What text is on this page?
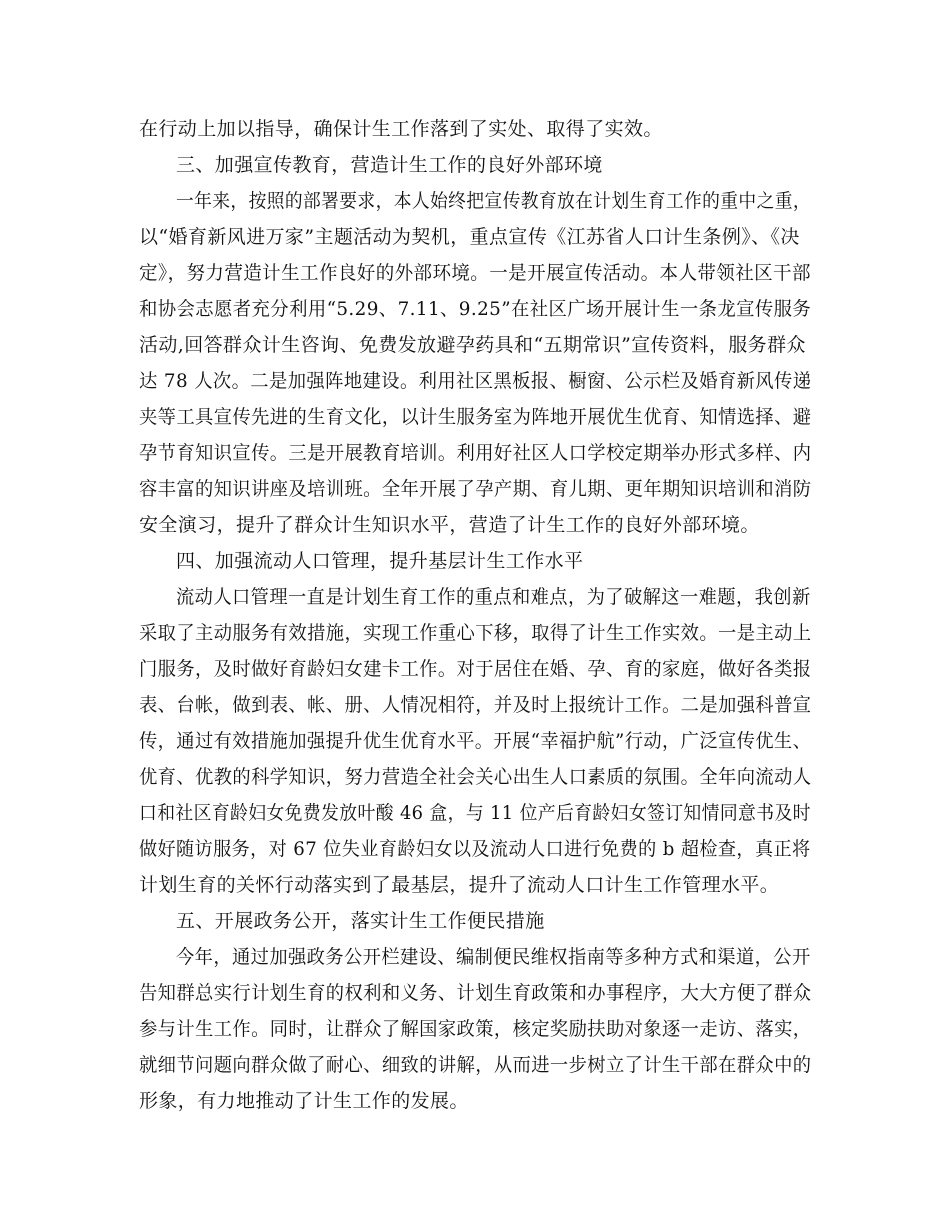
在行动上加以指导，确保计生工作落到了实处、取得了实效。
三、加强宣传教育，营造计生工作的良好外部环境
一年来，按照的部署要求，本人始终把宣传教育放在计划生育工作的重中之重，
以“婚育新风进万家”主题活动为契机，重点宣传《江苏省人口计生条例》、《决
定》，努力营造计生工作良好的外部环境。一是开展宣传活动。本人带领社区干部
和协会志愿者充分利用“5.29、7.11、9.25”在社区广场开展计生一条龙宣传服务
活动,回答群众计生咨询、免费发放避孕药具和“五期常识”宣传资料，服务群众
达 78 人次。二是加强阵地建设。利用社区黑板报、橱窗、公示栏及婚育新风传递
夹等工具宣传先进的生育文化，以计生服务室为阵地开展优生优育、知情选择、避
孕节育知识宣传。三是开展教育培训。利用好社区人口学校定期举办形式多样、内
容丰富的知识讲座及培训班。全年开展了孕产期、育儿期、更年期知识培训和消防
安全演习，提升了群众计生知识水平，营造了计生工作的良好外部环境。
四、加强流动人口管理，提升基层计生工作水平
流动人口管理一直是计划生育工作的重点和难点，为了破解这一难题，我创新
采取了主动服务有效措施，实现工作重心下移，取得了计生工作实效。一是主动上
门服务，及时做好育龄妇女建卡工作。对于居住在婚、孕、育的家庭，做好各类报
表、台帐，做到表、帐、册、人情况相符，并及时上报统计工作。二是加强科普宣
传，通过有效措施加强提升优生优育水平。开展“幸福护航”行动，广泛宣传优生、
优育、优教的科学知识，努力营造全社会关心出生人口素质的氛围。全年向流动人
口和社区育龄妇女免费发放叶酸 46 盒，与 11 位产后育龄妇女签订知情同意书及时
做好随访服务，对 67 位失业育龄妇女以及流动人口进行免费的 b 超检查，真正将
计划生育的关怀行动落实到了最基层，提升了流动人口计生工作管理水平。
五、开展政务公开，落实计生工作便民措施
今年，通过加强政务公开栏建设、编制便民维权指南等多种方式和渠道，公开
告知群总实行计划生育的权利和义务、计划生育政策和办事程序，大大方便了群众
参与计生工作。同时，让群众了解国家政策，核定奖励扶助对象逐一走访、落实，
就细节问题向群众做了耐心、细致的讲解，从而进一步树立了计生干部在群众中的
形象，有力地推动了计生工作的发展。
